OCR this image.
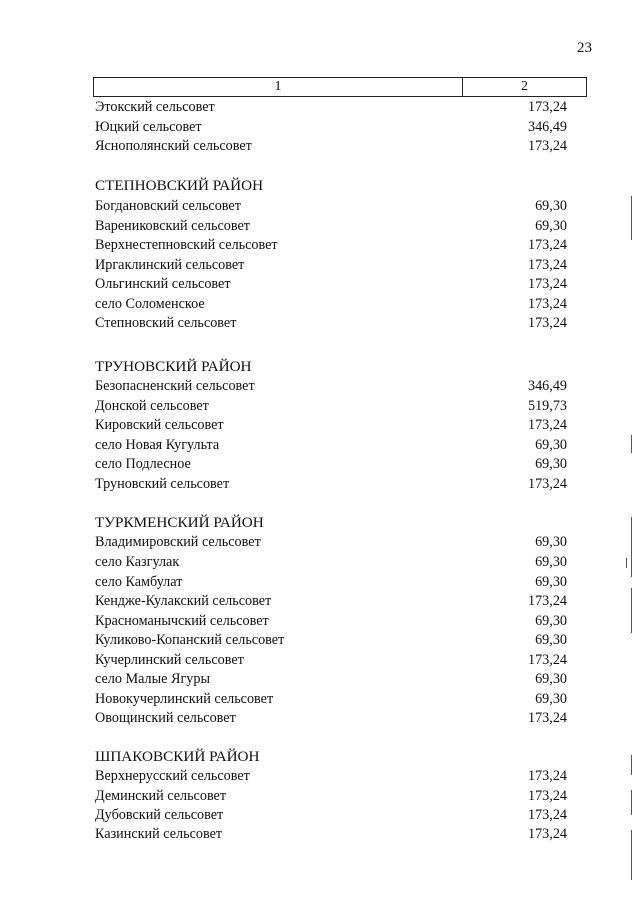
23
1	2
Этокский сельсовет	173,24
Юцкий сельсовет	346,49
Яснополянский сельсовет	173,24
СТЕПНОВСКИЙ РАЙОН
Богдановский сельсовет	69,30
Варениковский сельсовет	69,30
Верхнестепновский сельсовет	173,24
Иргаклинский сельсовет	173,24
Ольгинский сельсовет	173,24
село Соломенское	173,24
Степновский сельсовет	173,24
ТРУНОВСКИЙ РАЙОН
Безопасненский сельсовет	346,49
Донской сельсовет	519,73
Кировский сельсовет	173,24
село Новая Кугульта	69,30
село Подлесное	69,30
Труновский сельсовет	173,24
ТУРКМЕНСКИЙ РАЙОН
Владимировский сельсовет	69,30
село Казгулак	69,30
село Камбулат	69,30
Кендже-Кулакский сельсовет	173,24
Красноманычский сельсовет	69,30
Куликово-Копанский сельсовет	69,30
Кучерлинский сельсовет	173,24
село Малые Ягуры	69,30
Новокучерлинский сельсовет	69,30
Овощинский сельсовет	173,24
ШПАКОВСКИЙ РАЙОН
Верхнерусский сельсовет	173,24
Деминский сельсовет	173,24
Дубовский сельсовет	173,24
Казинский сельсовет	173,24
